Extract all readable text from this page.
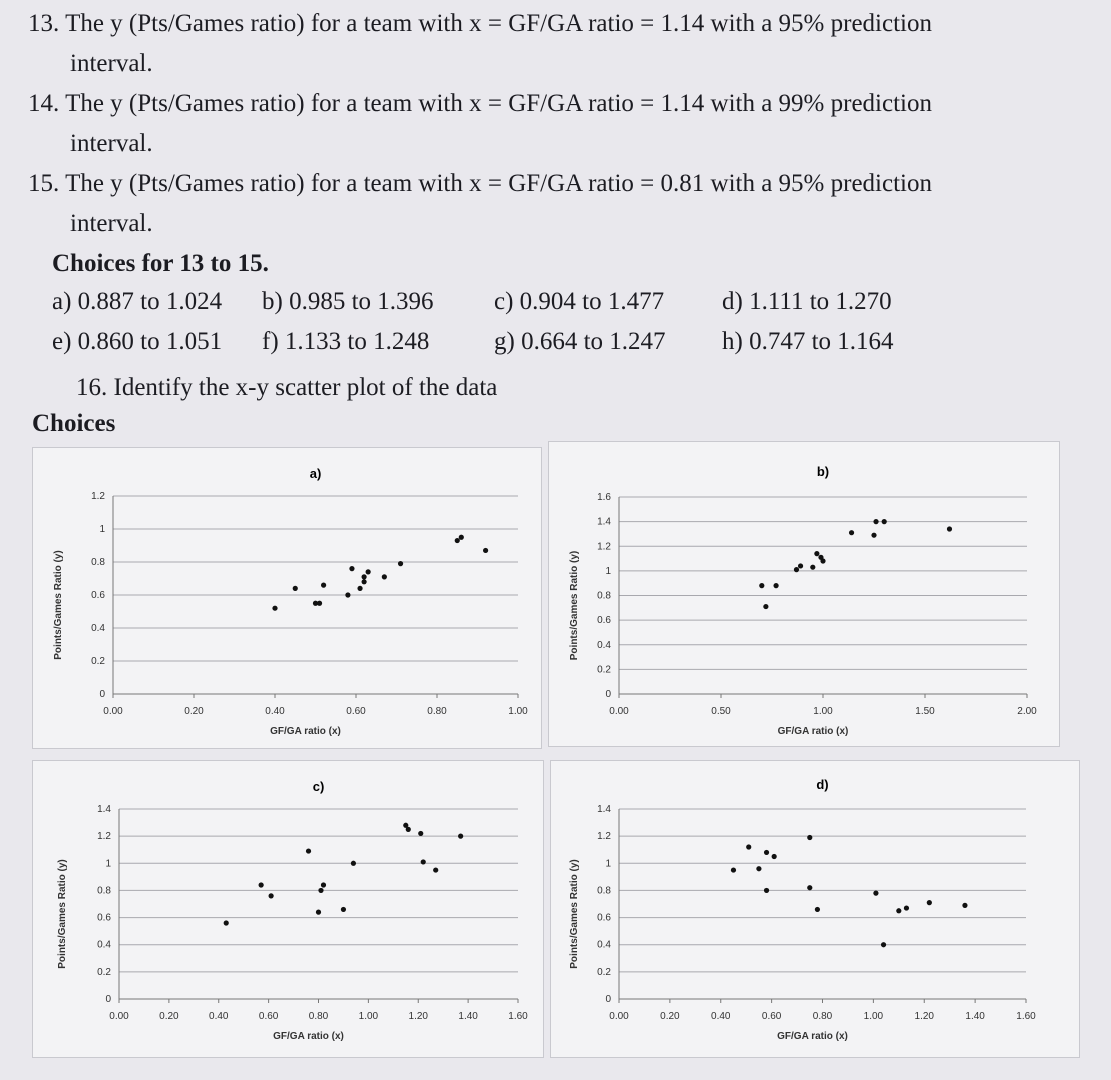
13. The y (Pts/Games ratio) for a team with x = GF/GA ratio = 1.14 with a 95% prediction
interval.
14. The y (Pts/Games ratio) for a team with x = GF/GA ratio = 1.14 with a 99% prediction
interval.
15. The y (Pts/Games ratio) for a team with x = GF/GA ratio = 0.81 with a 95% prediction
interval.
Choices for 13 to 15.
a) 0.887 to 1.024 b) 0.985 to 1.396 c) 0.904 to 1.477 d) 1.111 to 1.270
e) 0.860 to 1.051 f) 1.133 to 1.248	g) 0.664 to 1.247 h) 0.747 to 1.164
16. Identify the x-y scatter plot of the data
Choices
a)
0
0.2
0.4
0.6
0.8
1
1.2
0.00	0.20	0.40	0.60	0.80	1.00
GF/GA ratio (x)
Points/Games Ratio (y)
b)
0
0.2
0.4
0.6
0.8
1
1.2
1.4
1.6
0.00	0.50	1.00	1.50	2.00
GF/GA ratio (x)
Points/Games Ratio (y)
c)
0
0.2
0.4
0.6
0.8
1
1.2
1.4
0.00	0.20	0.40	0.60	0.80	1.00	1.20	1.40	1.60
GF/GA ratio (x)
Points/Games Ratio (y)
d)
0
0.2
0.4
0.6
0.8
1
1.2
1.4
0.00	0.20	0.40	0.60	0.80	1.00	1.20	1.40	1.60
GF/GA ratio (x)
Points/Games Ratio (y)
